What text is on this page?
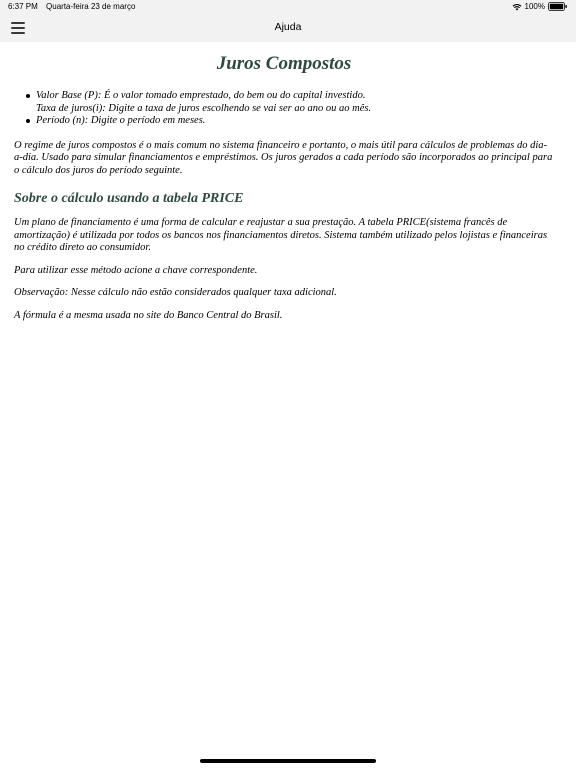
6:37 PM Quarta-feira 23 de março	100%
Ajuda
Juros Compostos
Valor Base (P): É o valor tomado emprestado, do bem ou do capital investido.
Taxa de juros(i): Digite a taxa de juros escolhendo se vai ser ao ano ou ao mês.
Período (n): Digite o período em meses.

O regime de juros compostos é o mais comum no sistema financeiro e portanto, o mais útil para cálculos de problemas do dia-a-dia. Usado para simular financiamentos e empréstimos. Os juros gerados a cada período são incorporados ao principal para o cálculo dos juros do período seguinte.

Sobre o cálculo usando a tabela PRICE

Um plano de financiamento é uma forma de calcular e reajustar a sua prestação. A tabela PRICE(sistema francês de amortização) é utilizada por todos os bancos nos financiamentos diretos. Sistema também utilizado pelos lojistas e financeiras no crédito direto ao consumidor.

Para utilizar esse método acione a chave correspondente.

Observação: Nesse cálculo não estão considerados qualquer taxa adicional.

A fórmula é a mesma usada no site do Banco Central do Brasil.
